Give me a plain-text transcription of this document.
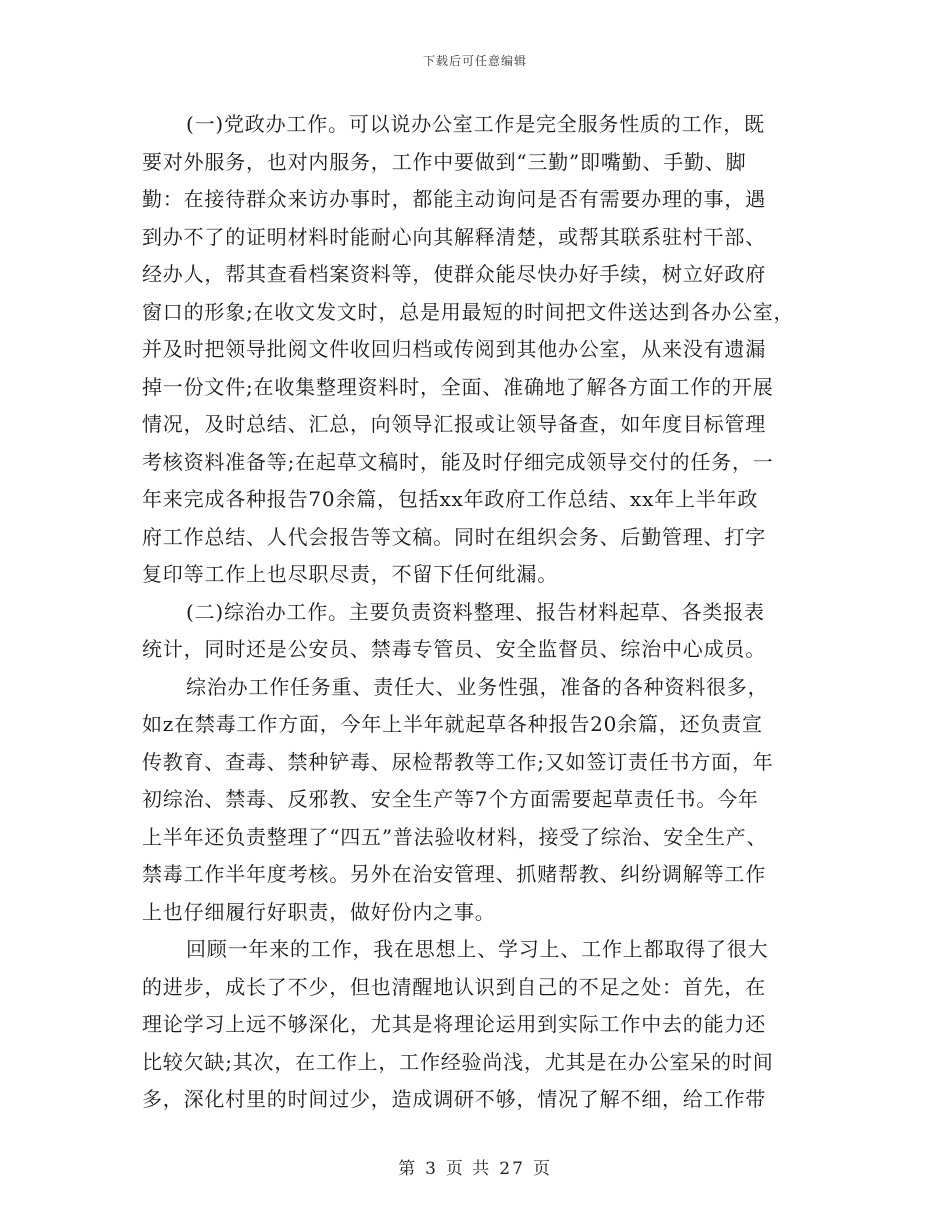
下载后可任意编辑

(一)党政办工作。可以说办公室工作是完全服务性质的工作，既

要对外服务，也对内服务，工作中要做到“三勤”即嘴勤、手勤、脚

勤：在接待群众来访办事时，都能主动询问是否有需要办理的事，遇

到办不了的证明材料时能耐心向其解释清楚，或帮其联系驻村干部、

经办人，帮其查看档案资料等，使群众能尽快办好手续，树立好政府

窗口的形象;在收文发文时，总是用最短的时间把文件送达到各办公室，

并及时把领导批阅文件收回归档或传阅到其他办公室，从来没有遗漏

掉一份文件;在收集整理资料时，全面、准确地了解各方面工作的开展

情况，及时总结、汇总，向领导汇报或让领导备查，如年度目标管理

考核资料准备等;在起草文稿时，能及时仔细完成领导交付的任务，一

年来完成各种报告70余篇，包括xx年政府工作总结、xx年上半年政

府工作总结、人代会报告等文稿。同时在组织会务、后勤管理、打字

复印等工作上也尽职尽责，不留下任何纰漏。

(二)综治办工作。主要负责资料整理、报告材料起草、各类报表

统计，同时还是公安员、禁毒专管员、安全监督员、综治中心成员。

综治办工作任务重、责任大、业务性强，准备的各种资料很多，

如z在禁毒工作方面，今年上半年就起草各种报告20余篇，还负责宣

传教育、查毒、禁种铲毒、尿检帮教等工作;又如签订责任书方面，年

初综治、禁毒、反邪教、安全生产等7个方面需要起草责任书。今年

上半年还负责整理了“四五”普法验收材料，接受了综治、安全生产、

禁毒工作半年度考核。另外在治安管理、抓赌帮教、纠纷调解等工作

上也仔细履行好职责，做好份内之事。

回顾一年来的工作，我在思想上、学习上、工作上都取得了很大

的进步，成长了不少，但也清醒地认识到自己的不足之处：首先，在

理论学习上远不够深化，尤其是将理论运用到实际工作中去的能力还

比较欠缺;其次，在工作上，工作经验尚浅，尤其是在办公室呆的时间

多，深化村里的时间过少，造成调研不够，情况了解不细，给工作带

第 3 页 共 27 页
